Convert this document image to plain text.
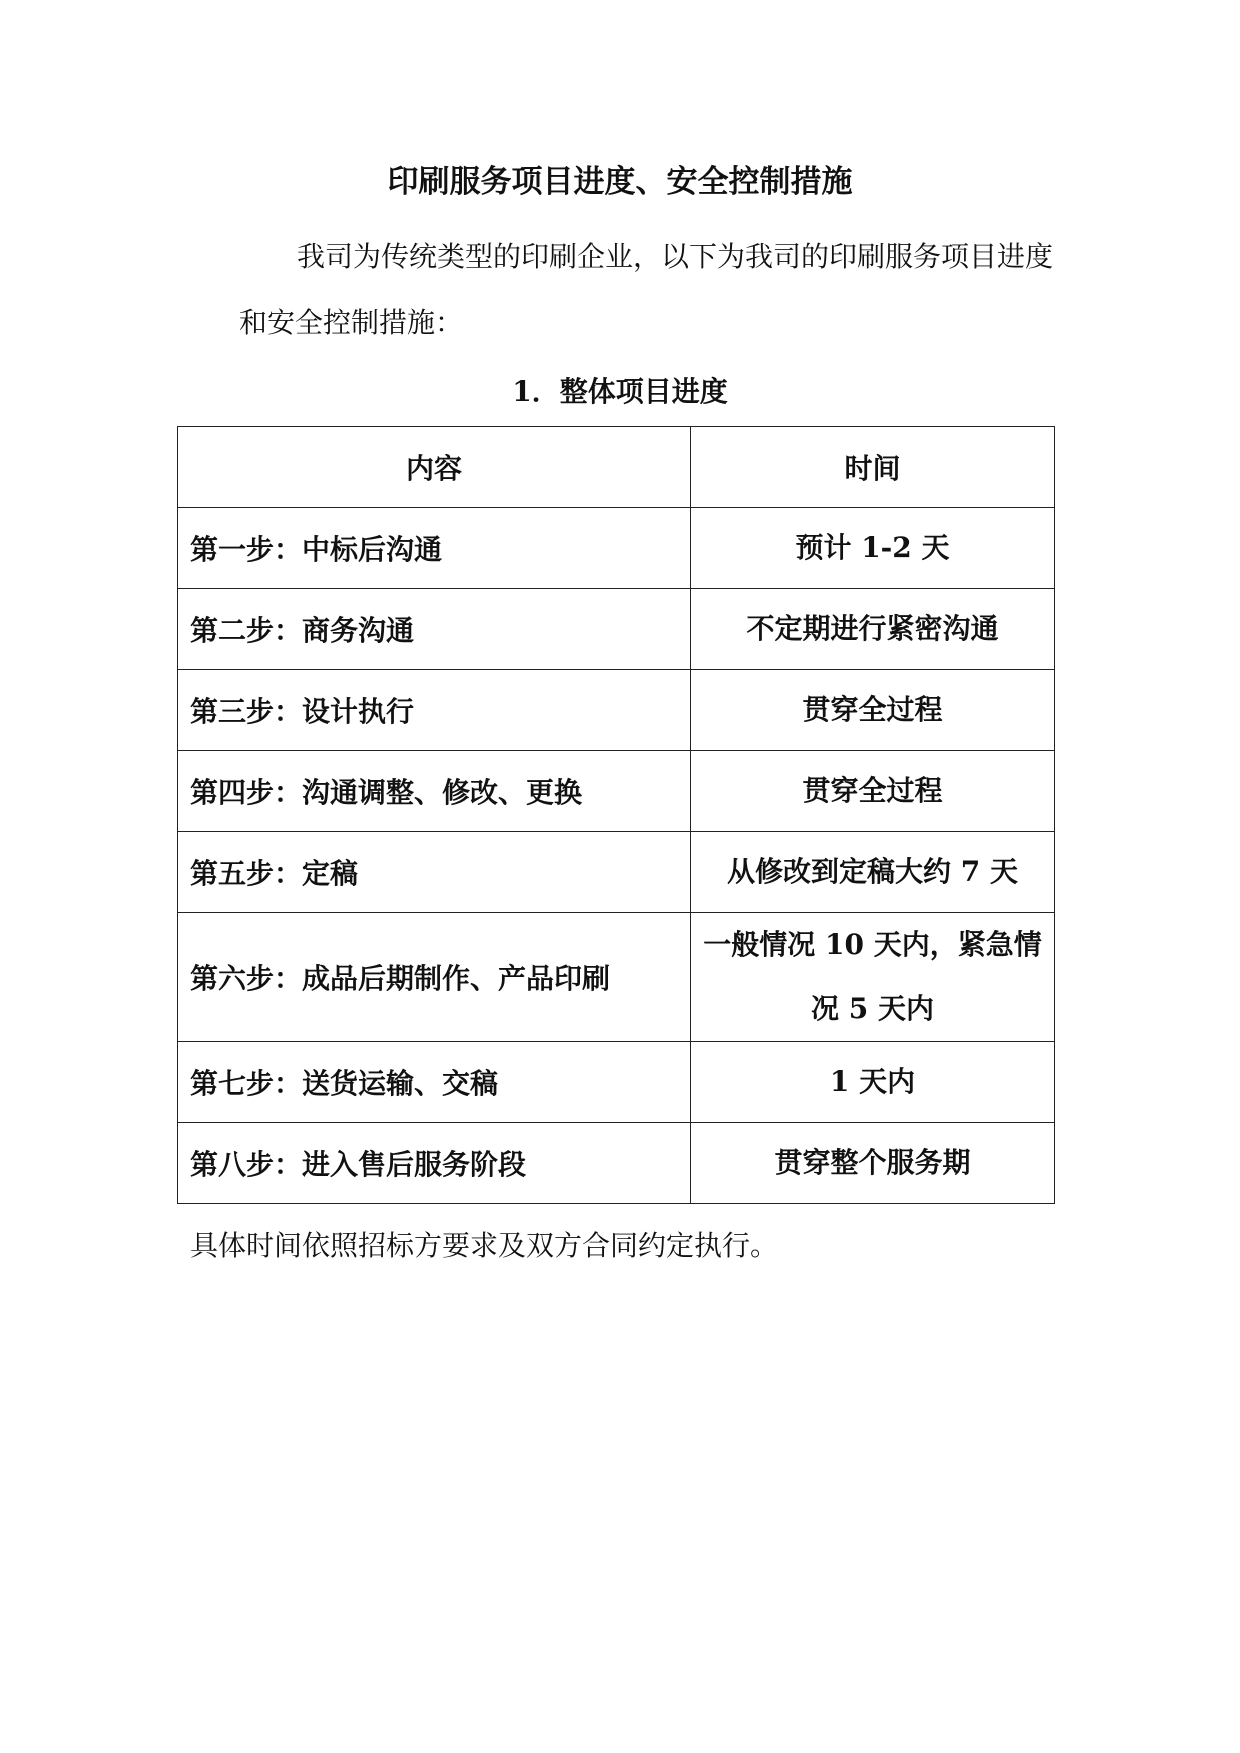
印刷服务项目进度、安全控制措施

我司为传统类型的印刷企业，以下为我司的印刷服务项目进度和安全控制措施：

1．整体项目进度
内容	时间
第一步：中标后沟通	预计 1-2 天
第二步：商务沟通	不定期进行紧密沟通
第三步：设计执行	贯穿全过程
第四步：沟通调整、修改、更换	贯穿全过程
第五步：定稿	从修改到定稿大约 7 天
第六步：成品后期制作、产品印刷	一般情况 10 天内，紧急情况 5 天内
第七步：送货运输、交稿	1 天内
第八步：进入售后服务阶段	贯穿整个服务期

具体时间依照招标方要求及双方合同约定执行。
